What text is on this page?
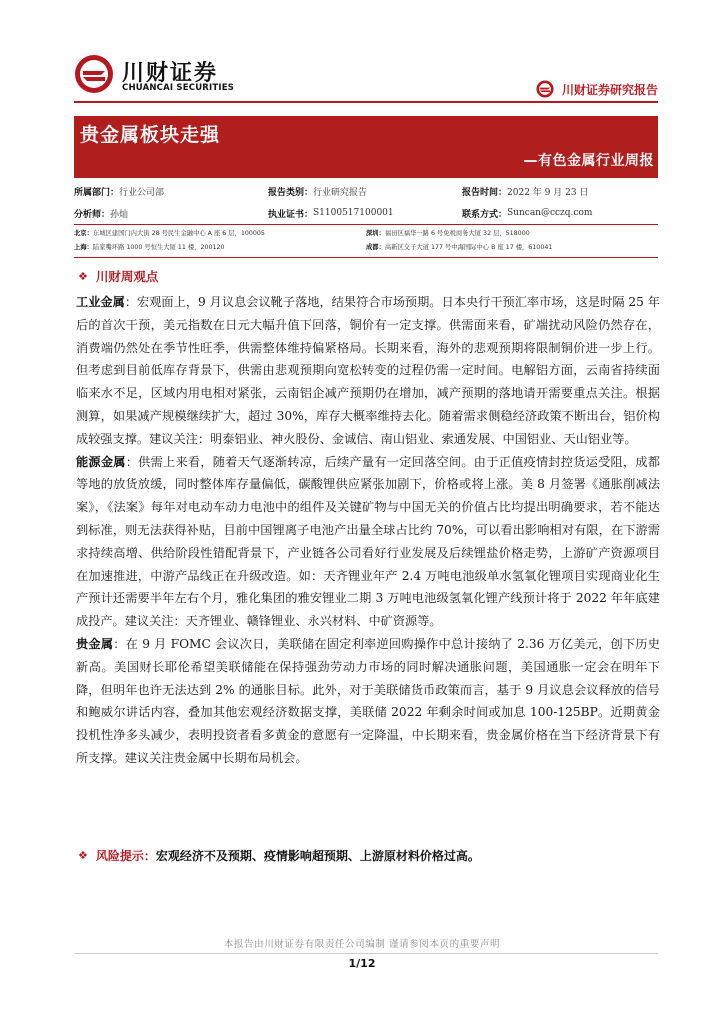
川财证券
CHUANCAI SECURITIES	川财证券研究报告
贵金属板块走强
—有色金属行业周报
所属部门： 行业公司部	报告类别： 行业研究报告	报告时间： 2022 年 9 月 23 日
分析师： 孙灿	执业证书： S1100517100001	联系方式： Suncan@cczq.com
北京：东城区建国门内大街 28 号民生金融中心 A 座 6 层，100005	深圳：福田区福华一路 6 号免税商务大厦 32 层，518000
上海：陆家嘴环路 1000 号恒生大厦 11 楼，200120	成都：高新区交子大道 177 号中海国际中心 B 座 17 楼，610041
❖ 川财周观点

工业金属：宏观面上，9 月议息会议靴子落地，结果符合市场预期。日本央行干预汇率市场，这是时隔 25 年后的首次干预，美元指数在日元大幅升值下回落，铜价有一定支撑。供需面来看，矿端扰动风险仍然存在，消费端仍然处在季节性旺季，供需整体维持偏紧格局。长期来看，海外的悲观预期将限制铜价进一步上行。但考虑到目前低库存背景下，供需由悲观预期向宽松转变的过程仍需一定时间。电解铝方面，云南省持续面临来水不足，区域内用电相对紧张，云南铝企减产预期仍在增加，减产预期的落地请开需要重点关注。根据测算，如果减产规模继续扩大，超过 30%，库存大概率维持去化。随着需求侧稳经济政策不断出台，铝价构成较强支撑。建议关注：明泰铝业、神火股份、金诚信、南山铝业、索通发展、中国铝业、天山铝业等。

能源金属：供需上来看，随着天气逐渐转凉，后续产量有一定回落空间。由于正值疫情封控货运受阻，成都等地的放货放缓，同时整体库存量偏低，碳酸锂供应紧张加剧下，价格或将上涨。美 8 月签署《通胀削减法案》，《法案》每年对电动车动力电池中的组件及关键矿物与中国无关的价值占比均提出明确要求，若不能达到标准，则无法获得补贴，目前中国锂离子电池产出量全球占比约 70%，可以看出影响相对有限，在下游需求持续高增、供给阶段性错配背景下，产业链各公司看好行业发展及后续锂盐价格走势，上游矿产资源项目在加速推进，中游产品线正在升级改造。如：天齐锂业年产 2.4 万吨电池级单水氢氧化锂项目实现商业化生产预计还需要半年左右个月，雅化集团的雅安锂业二期 3 万吨电池级氢氧化锂产线预计将于 2022 年年底建成投产。建议关注：天齐锂业、赣锋锂业、永兴材料、中矿资源等。

贵金属：在 9 月 FOMC 会议次日，美联储在固定利率逆回购操作中总计接纳了 2.36 万亿美元，创下历史新高。美国财长耶伦希望美联储能在保持强劲劳动力市场的同时解决通胀问题，美国通胀一定会在明年下降，但明年也许无法达到 2% 的通胀目标。此外，对于美联储货币政策而言，基于 9 月议息会议释放的信号和鲍威尔讲话内容，叠加其他宏观经济数据支撑，美联储 2022 年剩余时间或加息 100-125BP。近期黄金投机性净多头减少，表明投资者看多黄金的意愿有一定降温，中长期来看，贵金属价格在当下经济背景下有所支撑。建议关注贵金属中长期布局机会。

❖ 风险提示： 宏观经济不及预期、疫情影响超预期、上游原材料价格过高。
本报告由川财证券有限责任公司编制 谨请参阅本页的重要声明
1/12
